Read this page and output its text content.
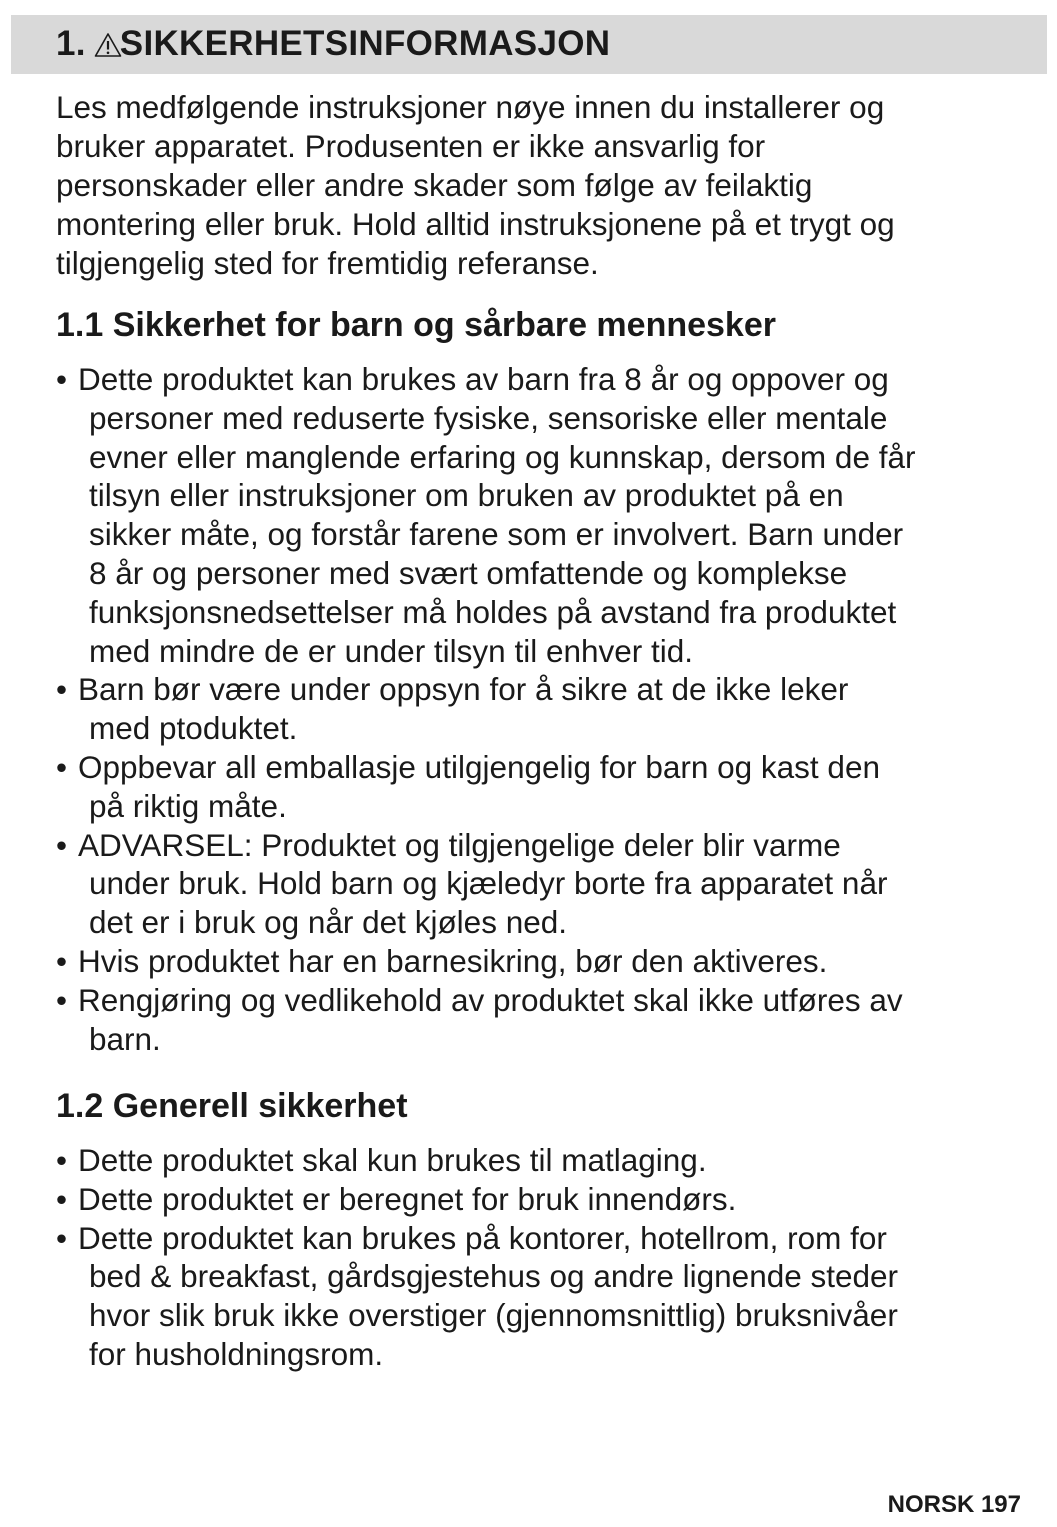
1. SIKKERHETSINFORMASJON

Les medfølgende instruksjoner nøye innen du installerer og
bruker apparatet. Produsenten er ikke ansvarlig for
personskader eller andre skader som følge av feilaktig
montering eller bruk. Hold alltid instruksjonene på et trygt og
tilgjengelig sted for fremtidig referanse.

1.1 Sikkerhet for barn og sårbare mennesker
• Dette produktet kan brukes av barn fra 8 år og oppover og
personer med reduserte fysiske, sensoriske eller mentale
evner eller manglende erfaring og kunnskap, dersom de får
tilsyn eller instruksjoner om bruken av produktet på en
sikker måte, og forstår farene som er involvert. Barn under
8 år og personer med svært omfattende og komplekse
funksjonsnedsettelser må holdes på avstand fra produktet
med mindre de er under tilsyn til enhver tid.
• Barn bør være under oppsyn for å sikre at de ikke leker
med ptoduktet.
• Oppbevar all emballasje utilgjengelig for barn og kast den
på riktig måte.
• ADVARSEL: Produktet og tilgjengelige deler blir varme
under bruk. Hold barn og kjæledyr borte fra apparatet når
det er i bruk og når det kjøles ned.
• Hvis produktet har en barnesikring, bør den aktiveres.
• Rengjøring og vedlikehold av produktet skal ikke utføres av
barn.
1.2 Generell sikkerhet
• Dette produktet skal kun brukes til matlaging.
• Dette produktet er beregnet for bruk innendørs.
• Dette produktet kan brukes på kontorer, hotellrom, rom for
bed & breakfast, gårdsgjestehus og andre lignende steder
hvor slik bruk ikke overstiger (gjennomsnittlig) bruksnivåer
for husholdningsrom.
NORSK 197
